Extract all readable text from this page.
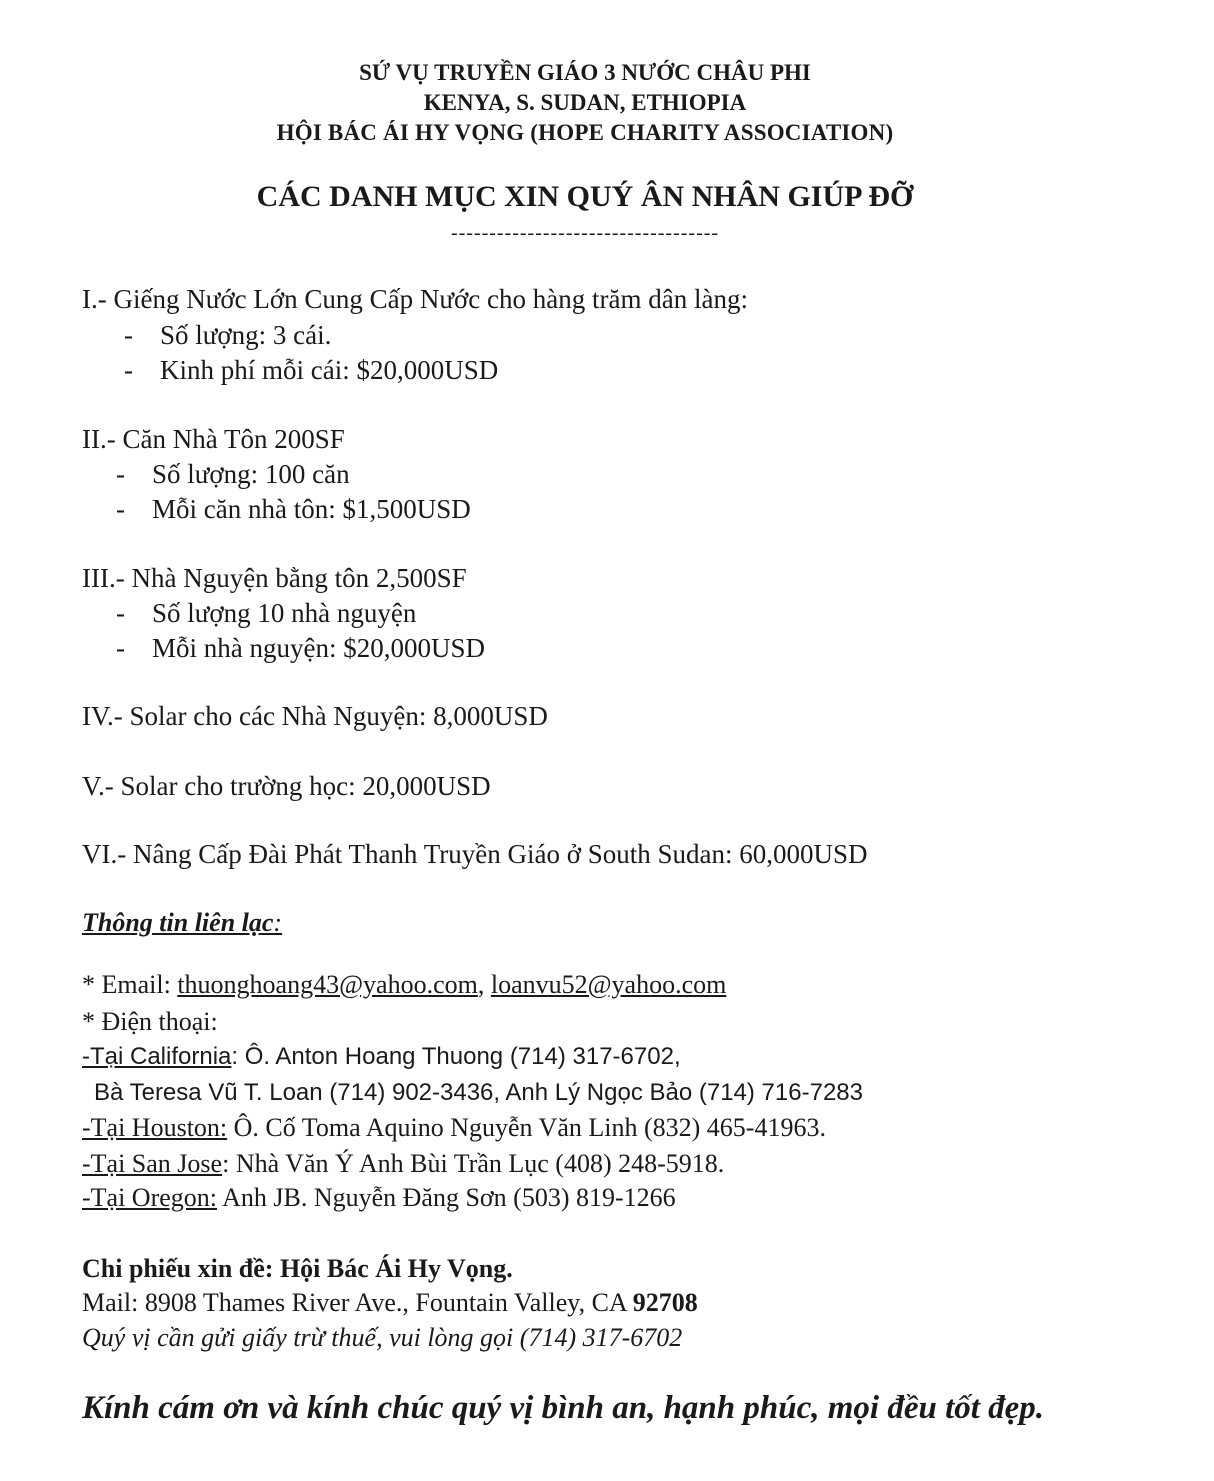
SỨ VỤ TRUYỀN GIÁO 3 NƯỚC CHÂU PHI
KENYA, S. SUDAN, ETHIOPIA
HỘI BÁC ÁI HY VỌNG (HOPE CHARITY ASSOCIATION)
CÁC DANH MỤC XIN QUÝ ÂN NHÂN GIÚP ĐỠ
-----------------------------------
I.- Giếng Nước Lớn Cung Cấp Nước cho hàng trăm dân làng:
- Số lượng: 3 cái.
- Kinh phí mỗi cái: $20,000USD
II.- Căn Nhà Tôn 200SF
- Số lượng: 100 căn
- Mỗi căn nhà tôn: $1,500USD
III.- Nhà Nguyện bằng tôn 2,500SF
- Số lượng 10 nhà nguyện
- Mỗi nhà nguyện: $20,000USD
IV.- Solar cho các Nhà Nguyện: 8,000USD
V.- Solar cho trường học: 20,000USD
VI.- Nâng Cấp Đài Phát Thanh Truyền Giáo ở South Sudan: 60,000USD
Thông tin liên lạc:
* Email: thuonghoang43@yahoo.com, loanvu52@yahoo.com
* Điện thoại:
-Tại California: Ô. Anton Hoang Thuong (714) 317-6702,
Bà Teresa Vũ T. Loan (714) 902-3436, Anh Lý Ngọc Bảo (714) 716-7283
-Tại Houston: Ô. Cố Toma Aquino Nguyễn Văn Linh (832) 465-41963.
-Tại San Jose: Nhà Văn Ý Anh Bùi Trần Lục (408) 248-5918.
-Tại Oregon: Anh JB. Nguyễn Đăng Sơn (503) 819-1266
Chi phiếu xin đề: Hội Bác Ái Hy Vọng.
Mail: 8908 Thames River Ave., Fountain Valley, CA 92708
Quý vị cần gửi giấy trừ thuế, vui lòng gọi (714) 317-6702
Kính cám ơn và kính chúc quý vị bình an, hạnh phúc, mọi đều tốt đẹp.
